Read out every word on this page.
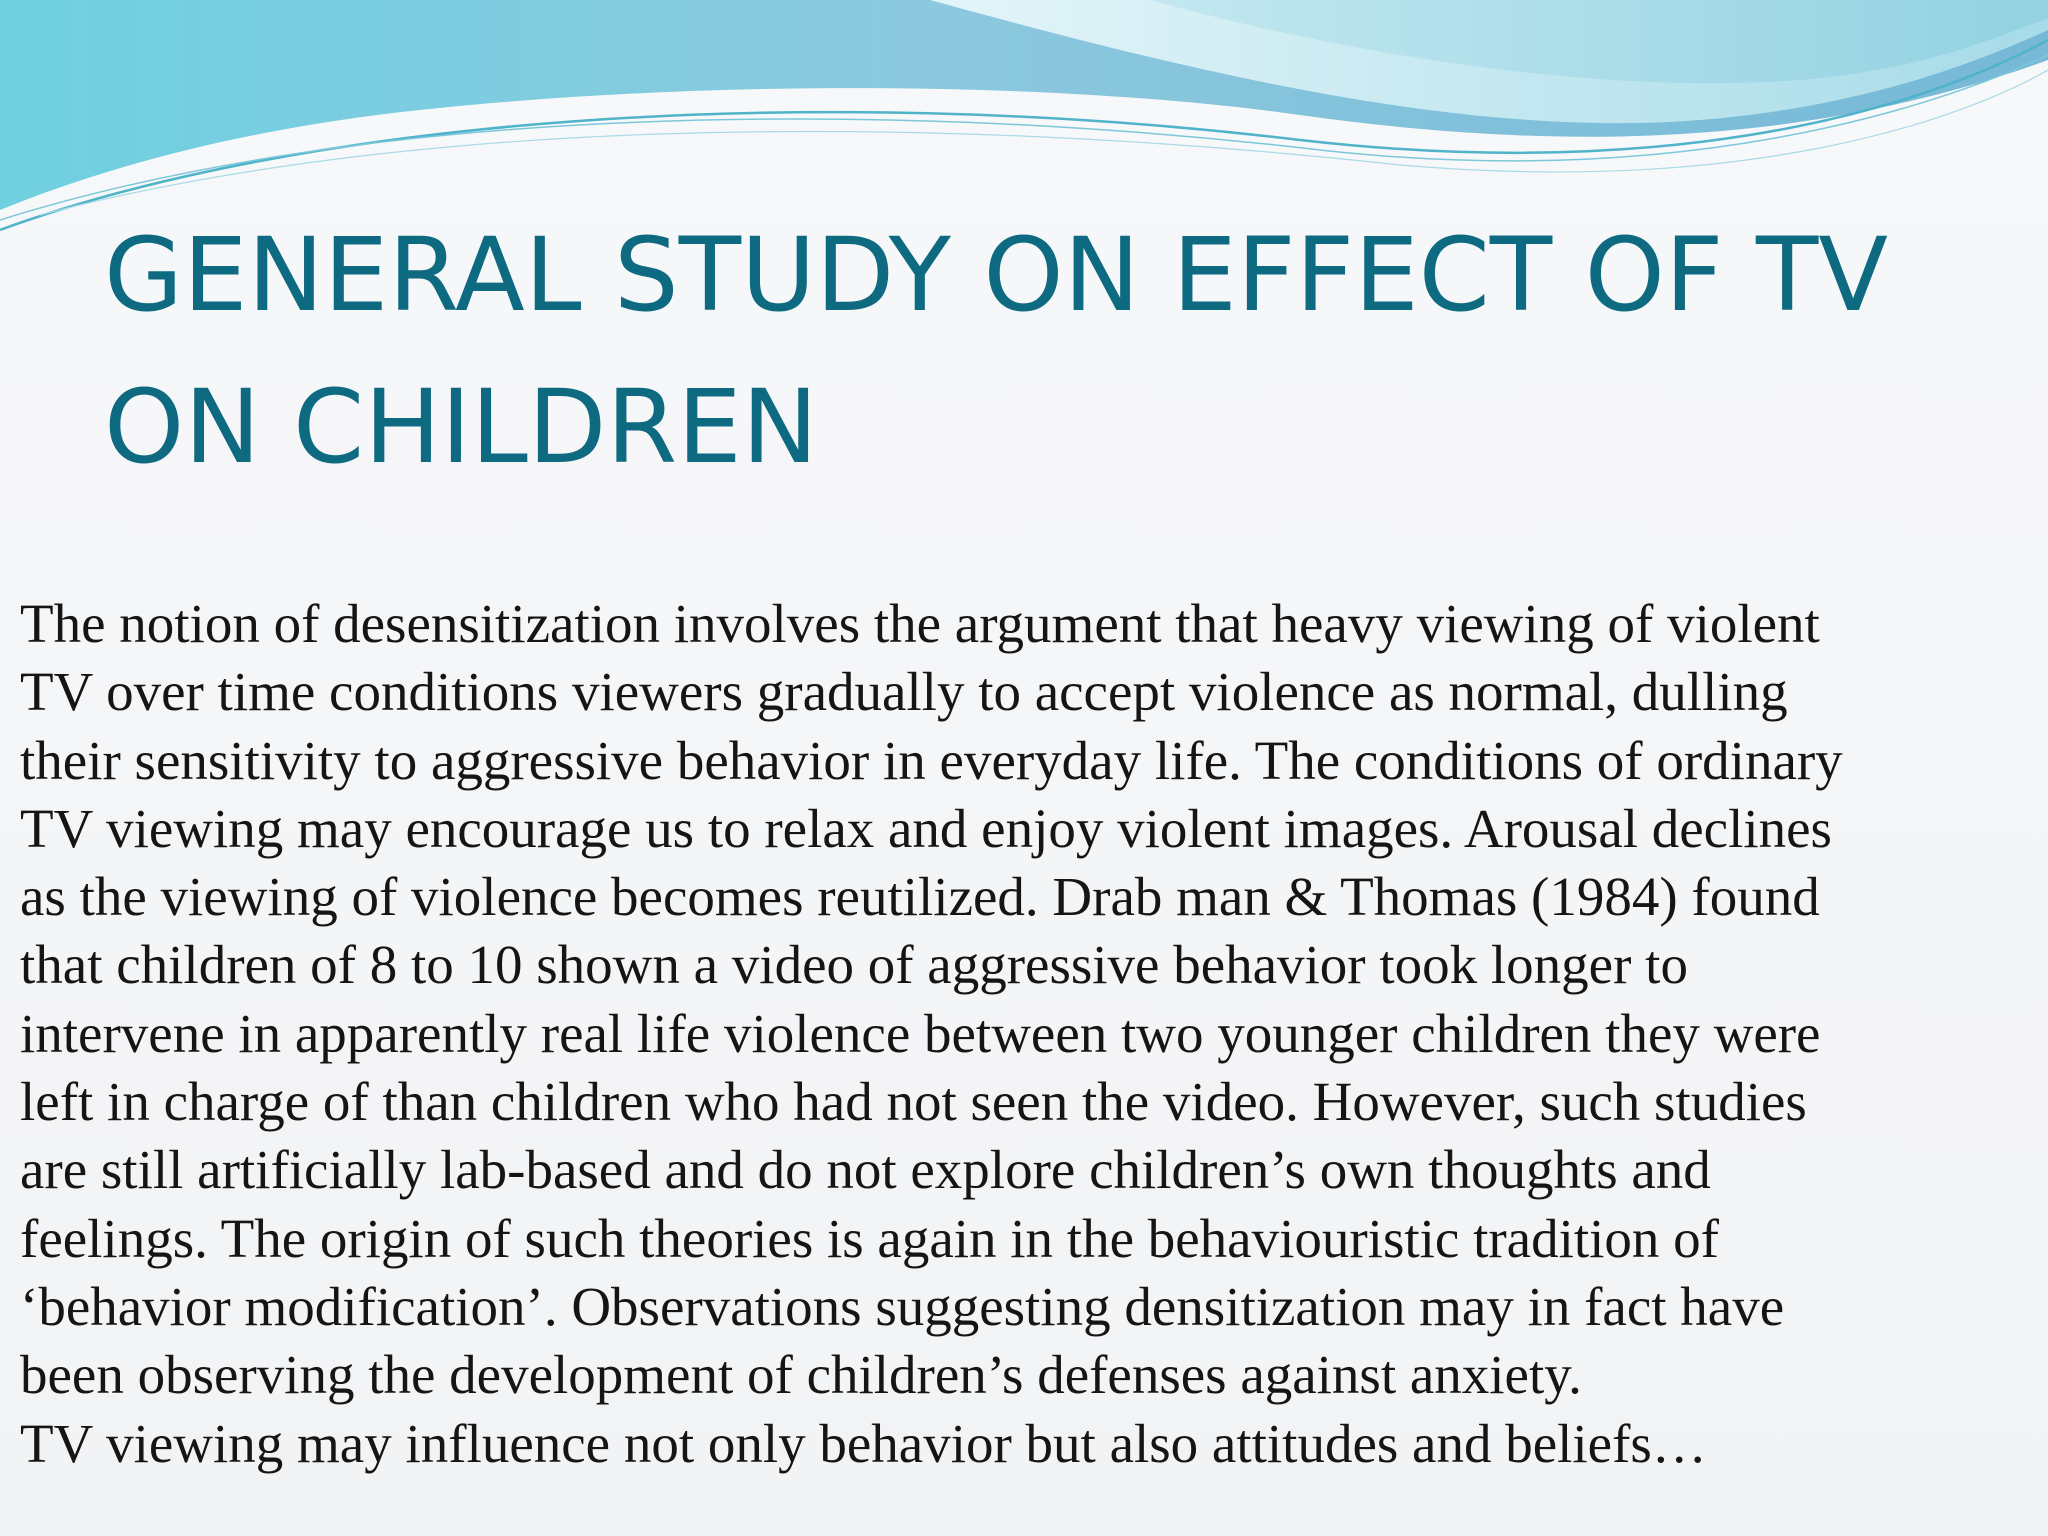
GENERAL STUDY ON EFFECT OF TV
ON CHILDREN
The notion of desensitization involves the argument that heavy viewing of violent
TV over time conditions viewers gradually to accept violence as normal, dulling
their sensitivity to aggressive behavior in everyday life. The conditions of ordinary
TV viewing may encourage us to relax and enjoy violent images. Arousal declines
as the viewing of violence becomes reutilized. Drab man & Thomas (1984) found
that children of 8 to 10 shown a video of aggressive behavior took longer to
intervene in apparently real life violence between two younger children they were
left in charge of than children who had not seen the video. However, such studies
are still artificially lab-based and do not explore children’s own thoughts and
feelings. The origin of such theories is again in the behaviouristic tradition of
‘behavior modification’. Observations suggesting densitization may in fact have
been observing the development of children’s defenses against anxiety.
TV viewing may influence not only behavior but also attitudes and beliefs…
